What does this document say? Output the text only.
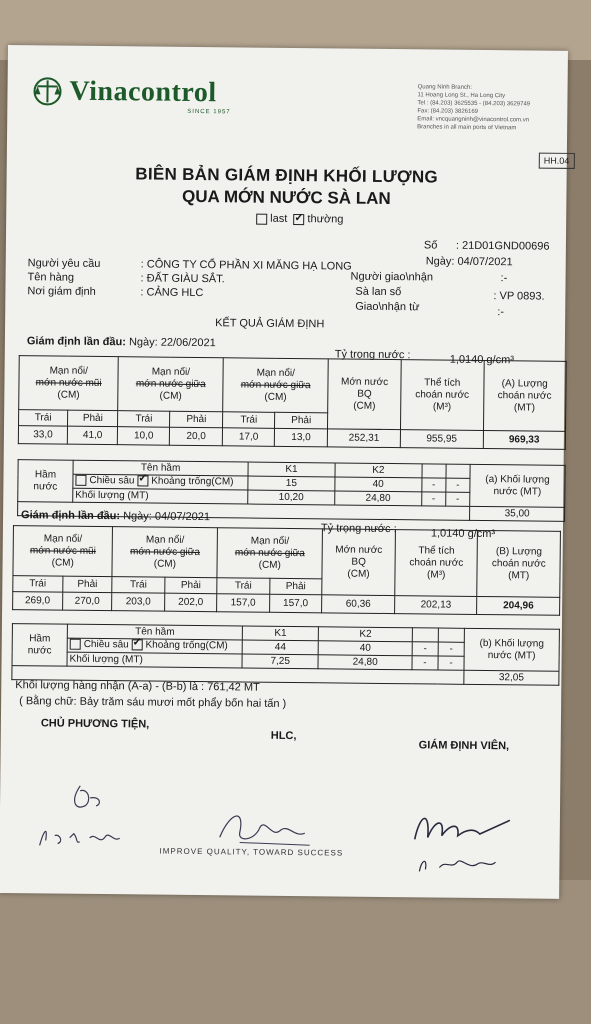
Vinacontrol
SINCE 1957
Quang Ninh Branch:
11 Hoang Long St., Ha Long City
Tel : (84.203) 3625535 - (84.203) 3629749
Fax: (84.203) 3826169
Email: vncquangninh@vinacontrol.com.vn
Branches in all main ports of Vietnam
HH.04
BIÊN BẢN GIÁM ĐỊNH KHỐI LƯỢNG
QUA MỚN NƯỚC SÀ LAN
last ✓ thường
Số : 21D01GND00696
Ngày: 04/07/2021
Người yêu cầu	: CÔNG TY CỔ PHẦN XI MĂNG HẠ LONG
Người giao\nhận	:-
Tên hàng	: ĐẤT GIÀU SẮT.
Sà lan số	: VP 0893.
Nơi giám định	: CẢNG HLC
Giao\nhận từ	:-
KẾT QUẢ GIÁM ĐỊNH
Giám định lần đầu: Ngày: 22/06/2021
Tỷ trọng nước :	1,0140 g/cm³
Mạn nổi/
mớn nước mũi
(CM)		Mạn nổi/
mớn nước giữa
(CM)		Mạn nổi/
mớn nước giữa
(CM)		Mớn nước
BQ
(CM)	Thể tích
choán nước
(M³)	(A) Lượng
choán nước
(MT)
Trái	Phải	Trái	Phải	Trái	Phải			
33,0	41,0	10,0	20,0	17,0	13,0	252,31	955,95	969,33
Hầm
nước	Tên hầm	K1	K2			(a) Khối lượng
nước (MT)
	Chiều sâu ✓ Khoảng trống(CM)	15	40	-	-	
	Khối lượng (MT)	10,20	24,80	-	-	
						35,00
Giám định lần đầu: Ngày: 04/07/2021
Tỷ trọng nước :	1,0140 g/cm³
Mạn nổi/
mớn nước mũi
(CM)		Mạn nổi/
mớn nước giữa
(CM)		Mạn nổi/
mớn nước giữa
(CM)		Mớn nước
BQ
(CM)	Thể tích
choán nước
(M³)	(B) Lượng
choán nước
(MT)
Trái	Phải	Trái	Phải	Trái	Phải			
269,0	270,0	203,0	202,0	157,0	157,0	60,36	202,13	204,96
Hầm
nước	Tên hầm	K1	K2			(b) Khối lượng
nước (MT)
	Chiều sâu ✓ Khoảng trống(CM)	44	40	-	-	
	Khối lượng (MT)	7,25	24,80	-	-	
						32,05
Khối lượng hàng nhận (A-a) - (B-b) là : 761,42 MT
( Bằng chữ: Bảy trăm sáu mươi mốt phẩy bốn hai tấn )
CHỦ PHƯƠNG TIỆN,
HLC,
GIÁM ĐỊNH VIÊN,
IMPROVE QUALITY, TOWARD SUCCESS
